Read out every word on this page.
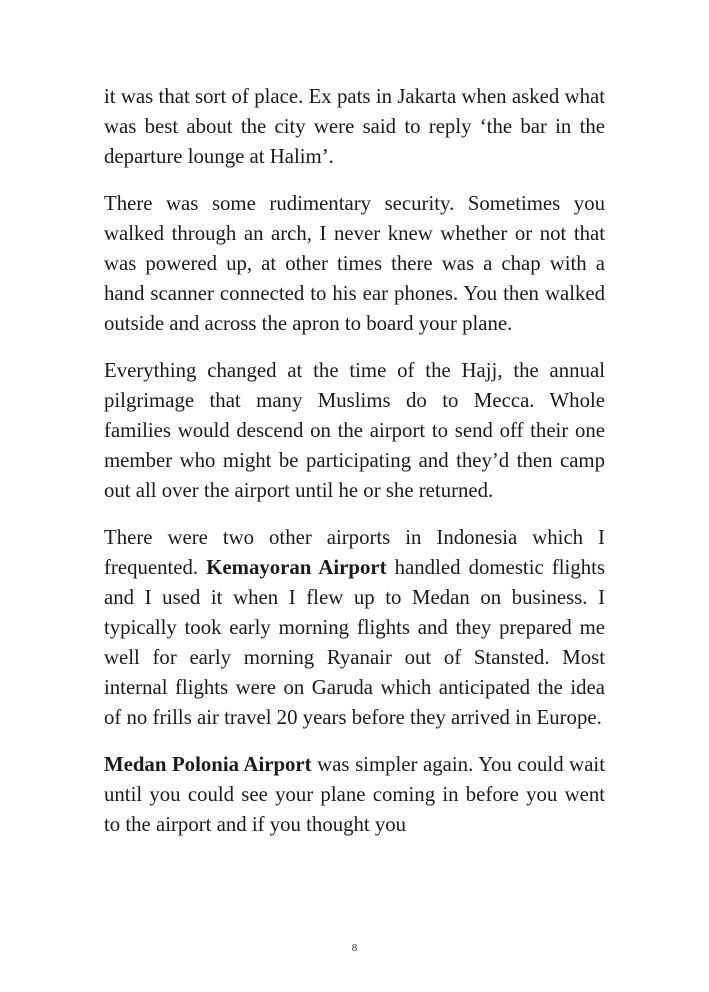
it was that sort of place. Ex pats in Jakarta when asked what was best about the city were said to reply ‘the bar in the departure lounge at Halim’.

There was some rudimentary security. Sometimes you walked through an arch, I never knew whether or not that was powered up, at other times there was a chap with a hand scanner connected to his ear phones. You then walked outside and across the apron to board your plane.

Everything changed at the time of the Hajj, the annual pilgrimage that many Muslims do to Mecca. Whole families would descend on the airport to send off their one member who might be participating and they’d then camp out all over the airport until he or she returned.

There were two other airports in Indonesia which I frequented. Kemayoran Airport handled domestic flights and I used it when I flew up to Medan on business. I typically took early morning flights and they prepared me well for early morning Ryanair out of Stansted. Most internal flights were on Garuda which anticipated the idea of no frills air travel 20 years before they arrived in Europe.

Medan Polonia Airport was simpler again. You could wait until you could see your plane coming in before you went to the airport and if you thought you

8
